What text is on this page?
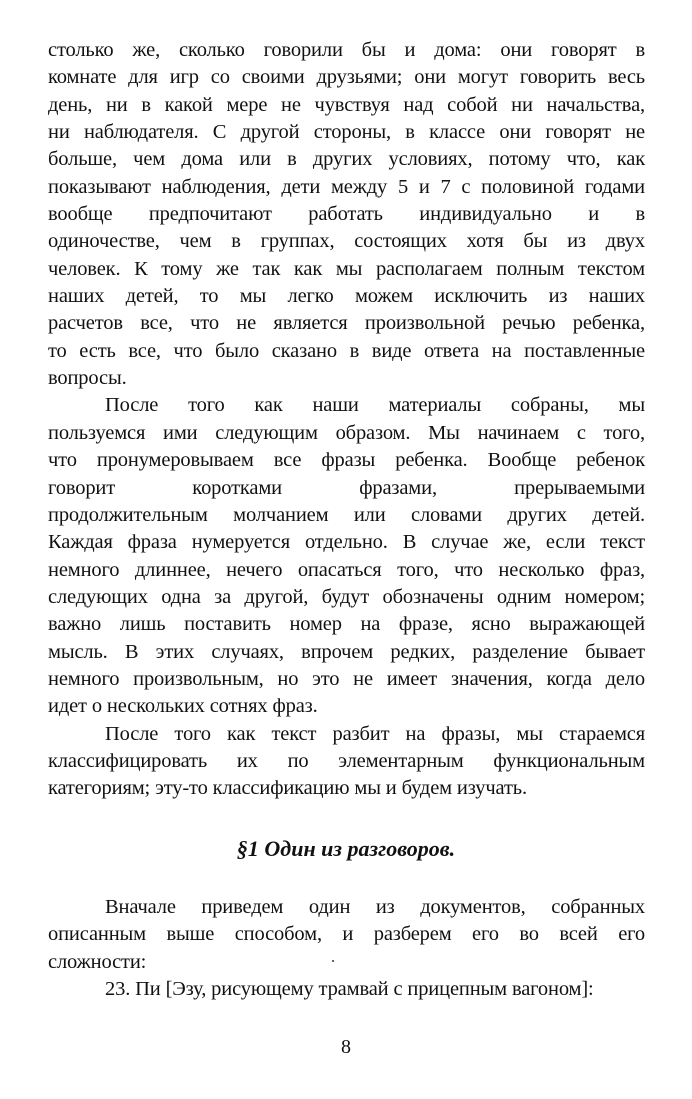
столько же, сколько говорили бы и дома: они говорят в
комнате для игр со своими друзьями; они могут говорить весь
день, ни в какой мере не чувствуя над собой ни начальства,
ни наблюдателя. С другой стороны, в классе они говорят не
больше, чем дома или в других условиях, потому что, как
показывают наблюдения, дети между 5 и 7 с половиной годами
вообще предпочитают работать индивидуально и в
одиночестве, чем в группах, состоящих хотя бы из двух
человек. К тому же так как мы располагаем полным текстом
наших детей, то мы легко можем исключить из наших
расчетов все, что не является произвольной речью ребенка,
то есть все, что было сказано в виде ответа на поставленные
вопросы.

После того как наши материалы собраны, мы
пользуемся ими следующим образом. Мы начинаем с того,
что пронумеровываем все фразы ребенка. Вообще ребенок
говорит коротками фразами, прерываемыми
продолжительным молчанием или словами других детей.
Каждая фраза нумеруется отдельно. В случае же, если текст
немного длиннее, нечего опасаться того, что несколько фраз,
следующих одна за другой, будут обозначены одним номером;
важно лишь поставить номер на фразе, ясно выражающей
мысль. В этих случаях, впрочем редких, разделение бывает
немного произвольным, но это не имеет значения, когда дело
идет о нескольких сотнях фраз.

После того как текст разбит на фразы, мы стараемся
классифицировать их по элементарным функциональным
категориям; эту-то классификацию мы и будем изучать.

§1 Один из разговоров.

Вначале приведем один из документов, собранных
описанным выше способом, и разберем его во всей его
сложности:

23. Пи [Эзу, рисующему трамвай с прицепным вагоном]:

8
